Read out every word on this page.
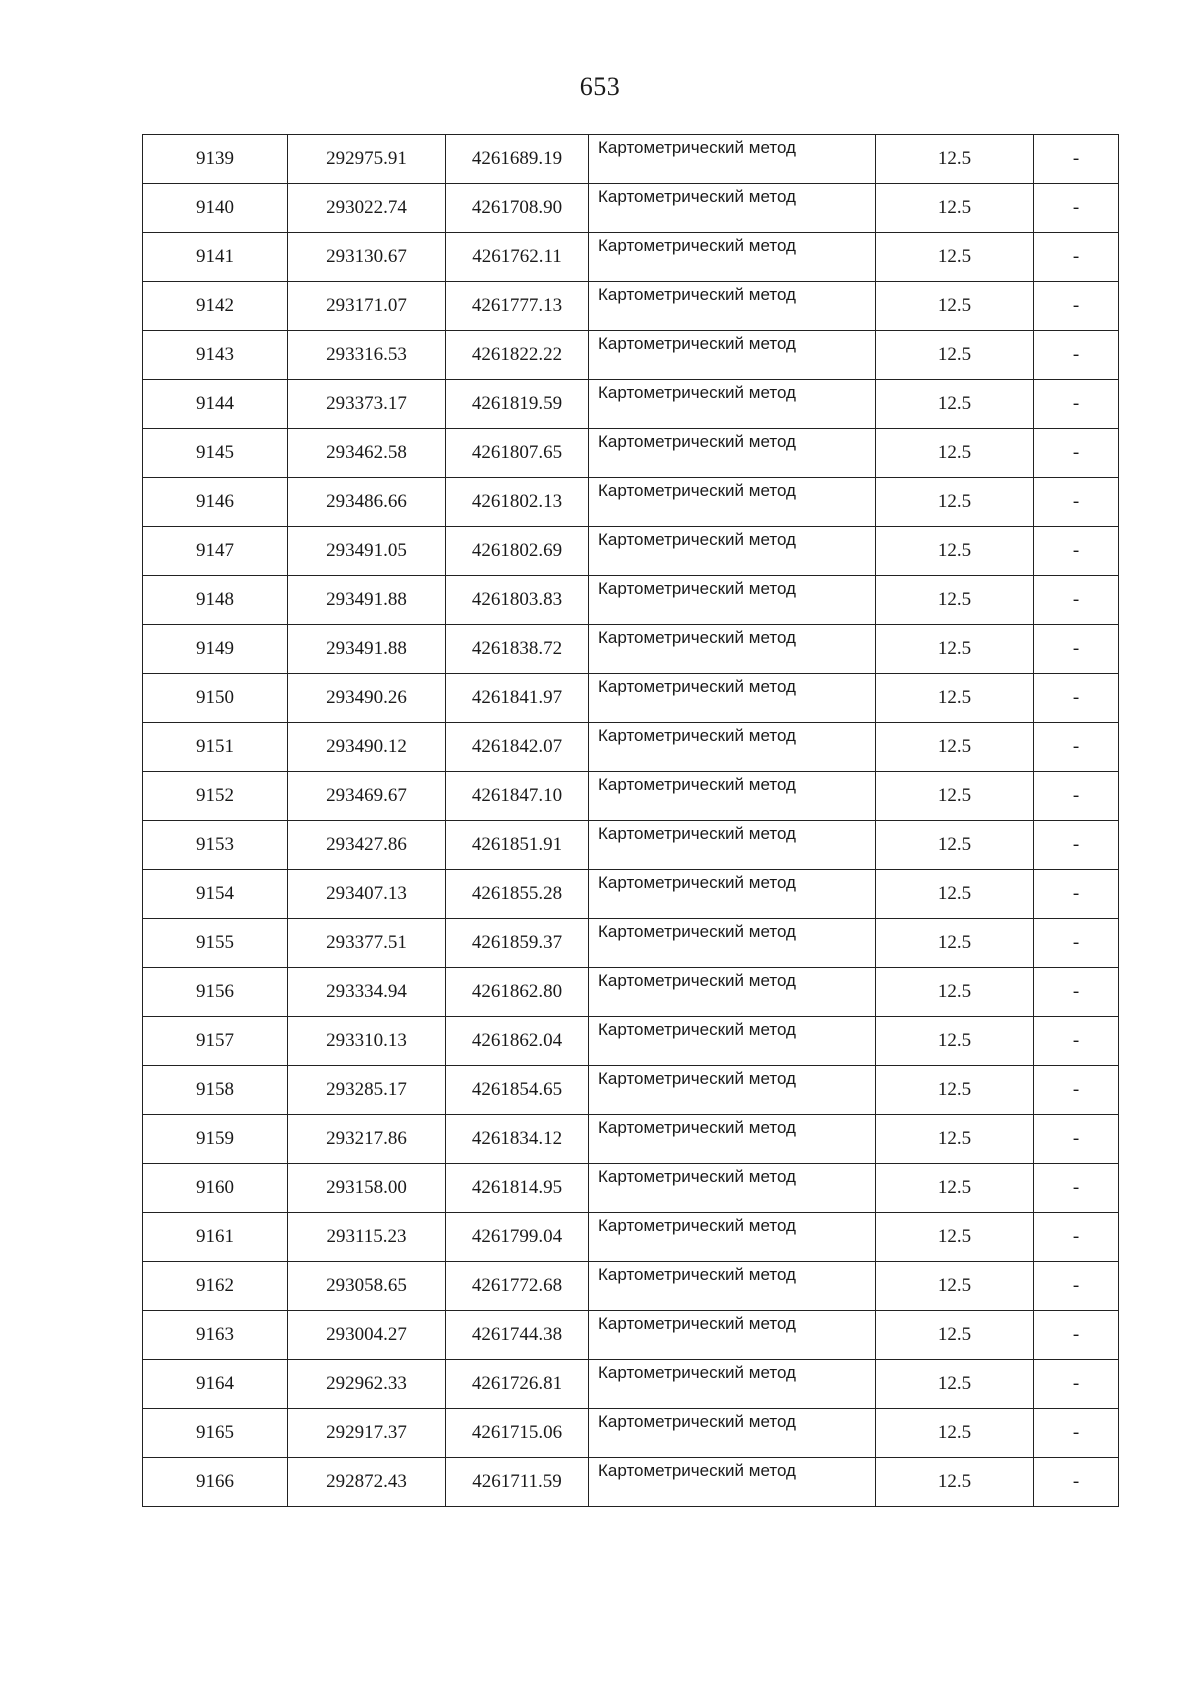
653
9139	292975.91	4261689.19	Картометрический метод	12.5	-
9140	293022.74	4261708.90	Картометрический метод	12.5	-
9141	293130.67	4261762.11	Картометрический метод	12.5	-
9142	293171.07	4261777.13	Картометрический метод	12.5	-
9143	293316.53	4261822.22	Картометрический метод	12.5	-
9144	293373.17	4261819.59	Картометрический метод	12.5	-
9145	293462.58	4261807.65	Картометрический метод	12.5	-
9146	293486.66	4261802.13	Картометрический метод	12.5	-
9147	293491.05	4261802.69	Картометрический метод	12.5	-
9148	293491.88	4261803.83	Картометрический метод	12.5	-
9149	293491.88	4261838.72	Картометрический метод	12.5	-
9150	293490.26	4261841.97	Картометрический метод	12.5	-
9151	293490.12	4261842.07	Картометрический метод	12.5	-
9152	293469.67	4261847.10	Картометрический метод	12.5	-
9153	293427.86	4261851.91	Картометрический метод	12.5	-
9154	293407.13	4261855.28	Картометрический метод	12.5	-
9155	293377.51	4261859.37	Картометрический метод	12.5	-
9156	293334.94	4261862.80	Картометрический метод	12.5	-
9157	293310.13	4261862.04	Картометрический метод	12.5	-
9158	293285.17	4261854.65	Картометрический метод	12.5	-
9159	293217.86	4261834.12	Картометрический метод	12.5	-
9160	293158.00	4261814.95	Картометрический метод	12.5	-
9161	293115.23	4261799.04	Картометрический метод	12.5	-
9162	293058.65	4261772.68	Картометрический метод	12.5	-
9163	293004.27	4261744.38	Картометрический метод	12.5	-
9164	292962.33	4261726.81	Картометрический метод	12.5	-
9165	292917.37	4261715.06	Картометрический метод	12.5	-
9166	292872.43	4261711.59	Картометрический метод	12.5	-
